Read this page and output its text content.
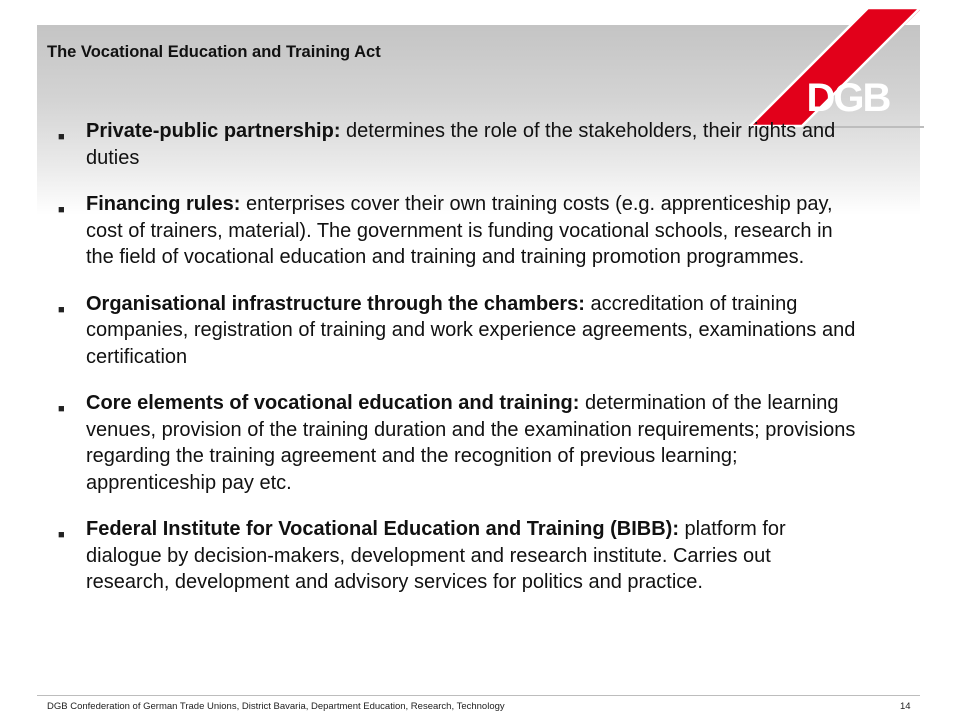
The Vocational Education and Training Act
DGB
■ Private-public partnership: determines the role of the stakeholders, their rights and duties
■ Financing rules: enterprises cover their own training costs (e.g. apprenticeship pay, cost of trainers, material). The government is funding vocational schools, research in the field of vocational education and training and training promotion programmes.
■ Organisational infrastructure through the chambers: accreditation of training companies, registration of training and work experience agreements, examinations and certification
■ Core elements of vocational education and training: determination of the learning venues, provision of the training duration and the examination requirements; provisions regarding the training agreement and the recognition of previous learning; apprenticeship pay etc.
■ Federal Institute for Vocational Education and Training (BIBB): platform for dialogue by decision-makers, development and research institute. Carries out research, development and advisory services for politics and practice.
DGB Confederation of German Trade Unions, District Bavaria, Department Education, Research, Technology	14
